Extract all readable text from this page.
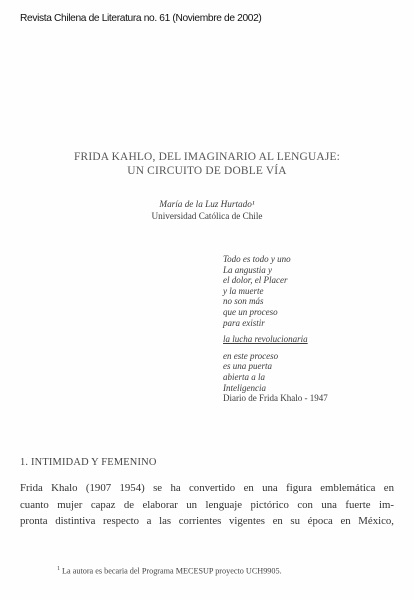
Revista Chilena de Literatura no. 61 (Noviembre de 2002)
FRIDA KAHLO, DEL IMAGINARIO AL LENGUAJE:
UN CIRCUITO DE DOBLE VÍA
María de la Luz Hurtado¹
Universidad Católica de Chile
Todo es todo y uno
La angustia y
el dolor, el Placer
y la muerte
no son más
que un proceso
para existir
la lucha revolucionaria
en este proceso
es una puerta
abierta a la
Inteligencia
Diario de Frida Khalo - 1947
1. INTIMIDAD Y FEMENINO
Frida Khalo (1907 1954) se ha convertido en una figura emblemática en
cuanto mujer capaz de elaborar un lenguaje pictórico con una fuerte im-
pronta distintiva respecto a las corrientes vigentes en su época en México,
$^1$ La autora es becaria del Programa MECESUP proyecto UCH9905.
